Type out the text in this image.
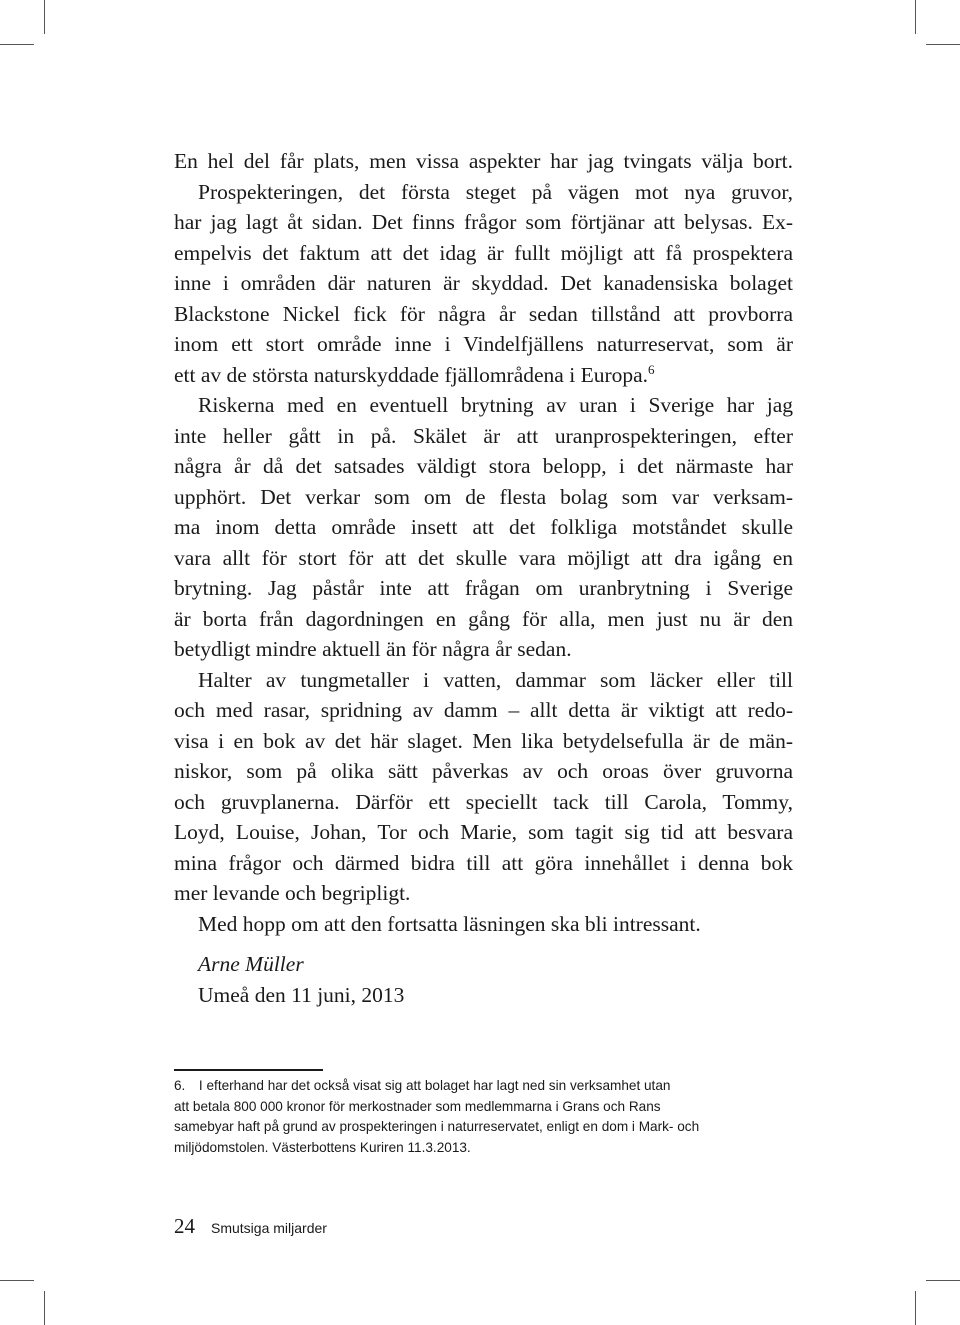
En hel del får plats, men vissa aspekter har jag tvingats välja bort.
Prospekteringen, det första steget på vägen mot nya gruvor,
har jag lagt åt sidan. Det finns frågor som förtjänar att belysas. Ex-
empelvis det faktum att det idag är fullt möjligt att få prospektera
inne i områden där naturen är skyddad. Det kanadensiska bolaget
Blackstone Nickel fick för några år sedan tillstånd att provborra
inom ett stort område inne i Vindelfjällens naturreservat, som är
ett av de största naturskyddade fjällområdena i Europa.$^6$
Riskerna med en eventuell brytning av uran i Sverige har jag
inte heller gått in på. Skälet är att uranprospekteringen, efter
några år då det satsades väldigt stora belopp, i det närmaste har
upphört. Det verkar som om de flesta bolag som var verksam-
ma inom detta område insett att det folkliga motståndet skulle
vara allt för stort för att det skulle vara möjligt att dra igång en
brytning. Jag påstår inte att frågan om uranbrytning i Sverige
är borta från dagordningen en gång för alla, men just nu är den
betydligt mindre aktuell än för några år sedan.
Halter av tungmetaller i vatten, dammar som läcker eller till
och med rasar, spridning av damm – allt detta är viktigt att redo-
visa i en bok av det här slaget. Men lika betydelsefulla är de män-
niskor, som på olika sätt påverkas av och oroas över gruvorna
och gruvplanerna. Därför ett speciellt tack till Carola, Tommy,
Loyd, Louise, Johan, Tor och Marie, som tagit sig tid att besvara
mina frågor och därmed bidra till att göra innehållet i denna bok
mer levande och begripligt.
Med hopp om att den fortsatta läsningen ska bli intressant.
Arne Müller
Umeå den 11 juni, 2013
6. I efterhand har det också visat sig att bolaget har lagt ned sin verksamhet utan
att betala 800 000 kronor för merkostnader som medlemmarna i Grans och Rans
samebyar haft på grund av prospekteringen i naturreservatet, enligt en dom i Mark- och
miljödomstolen. Västerbottens Kuriren 11.3.2013.
24 Smutsiga miljarder
